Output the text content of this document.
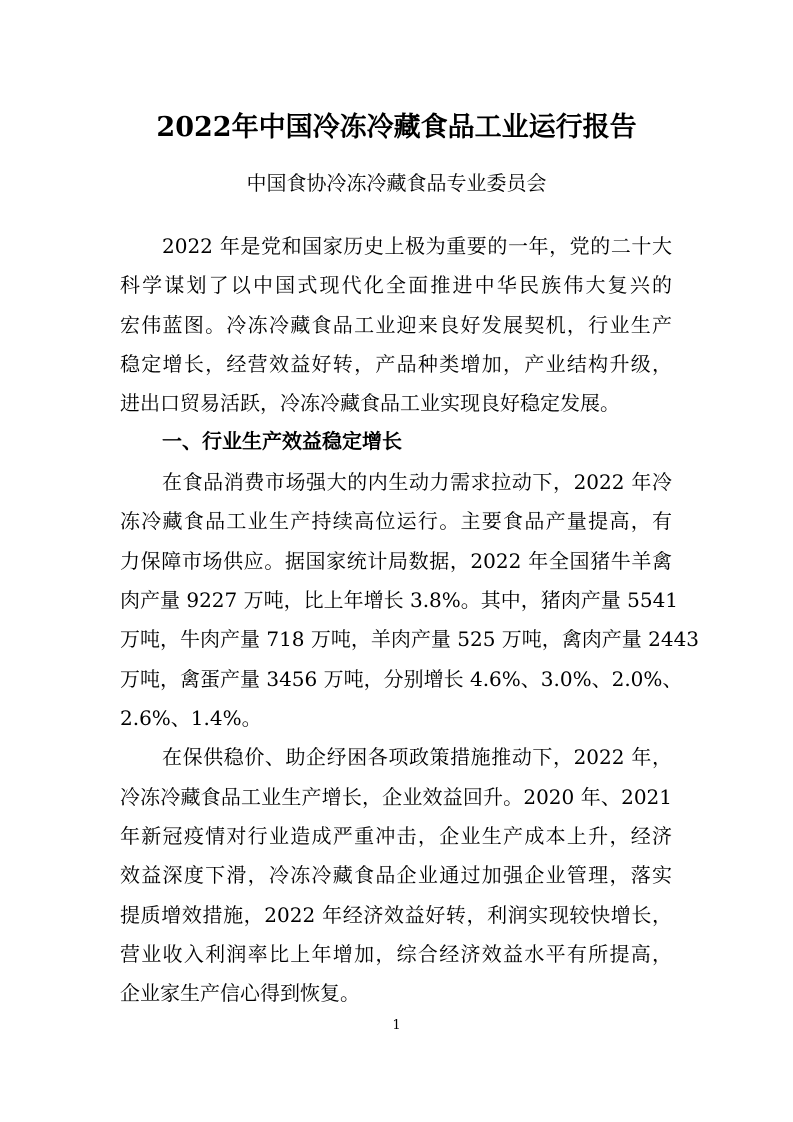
2022年中国冷冻冷藏食品工业运行报告
中国食协冷冻冷藏食品专业委员会
2022 年是党和国家历史上极为重要的一年，党的二十大
科学谋划了以中国式现代化全面推进中华民族伟大复兴的
宏伟蓝图。冷冻冷藏食品工业迎来良好发展契机，行业生产
稳定增长，经营效益好转，产品种类增加，产业结构升级，
进出口贸易活跃，冷冻冷藏食品工业实现良好稳定发展。
一、行业生产效益稳定增长
在食品消费市场强大的内生动力需求拉动下，2022 年冷
冻冷藏食品工业生产持续高位运行。主要食品产量提高，有
力保障市场供应。据国家统计局数据，2022 年全国猪牛羊禽
肉产量 9227 万吨，比上年增长 3.8%。其中，猪肉产量 5541
万吨，牛肉产量 718 万吨，羊肉产量 525 万吨，禽肉产量 2443
万吨，禽蛋产量 3456 万吨，分别增长 4.6%、3.0%、2.0%、
2.6%、1.4%。
在保供稳价、助企纾困各项政策措施推动下，2022 年，
冷冻冷藏食品工业生产增长，企业效益回升。2020 年、2021
年新冠疫情对行业造成严重冲击，企业生产成本上升，经济
效益深度下滑，冷冻冷藏食品企业通过加强企业管理，落实
提质增效措施，2022 年经济效益好转，利润实现较快增长，
营业收入利润率比上年增加，综合经济效益水平有所提高，
企业家生产信心得到恢复。
1
